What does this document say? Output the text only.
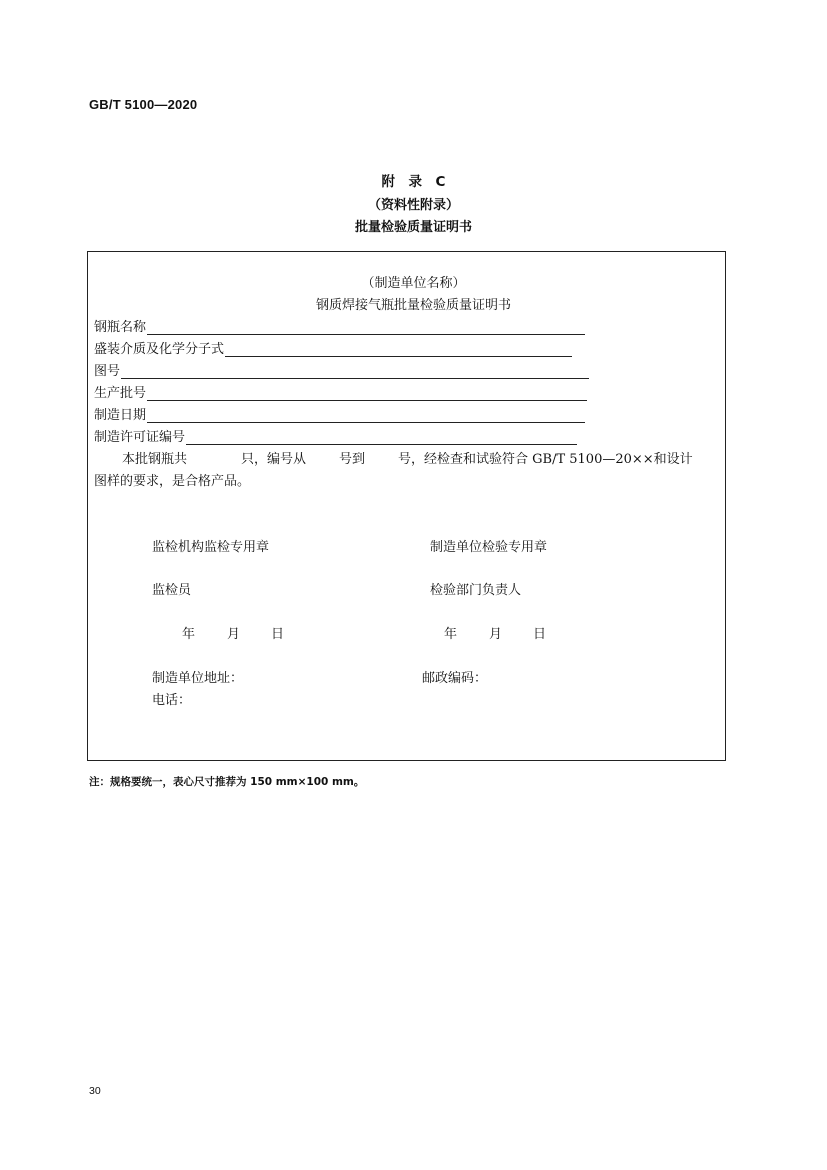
GB/T 5100—2020
附　录　C
（资料性附录）
批量检验质量证明书
（制造单位名称）
钢质焊接气瓶批量检验质量证明书
钢瓶名称
盛装介质及化学分子式
图号
生产批号
制造日期
制造许可证编号
本批钢瓶共	只，编号从	号到	号，经检查和试验符合 GB/T 5100—20××和设计
图样的要求，是合格产品。
监检机构监检专用章	制造单位检验专用章
监检员	检验部门负责人
年 月 日	年 月 日
制造单位地址：	邮政编码：
电话：
注：规格要统一，表心尺寸推荐为 150 mm×100 mm。
30
